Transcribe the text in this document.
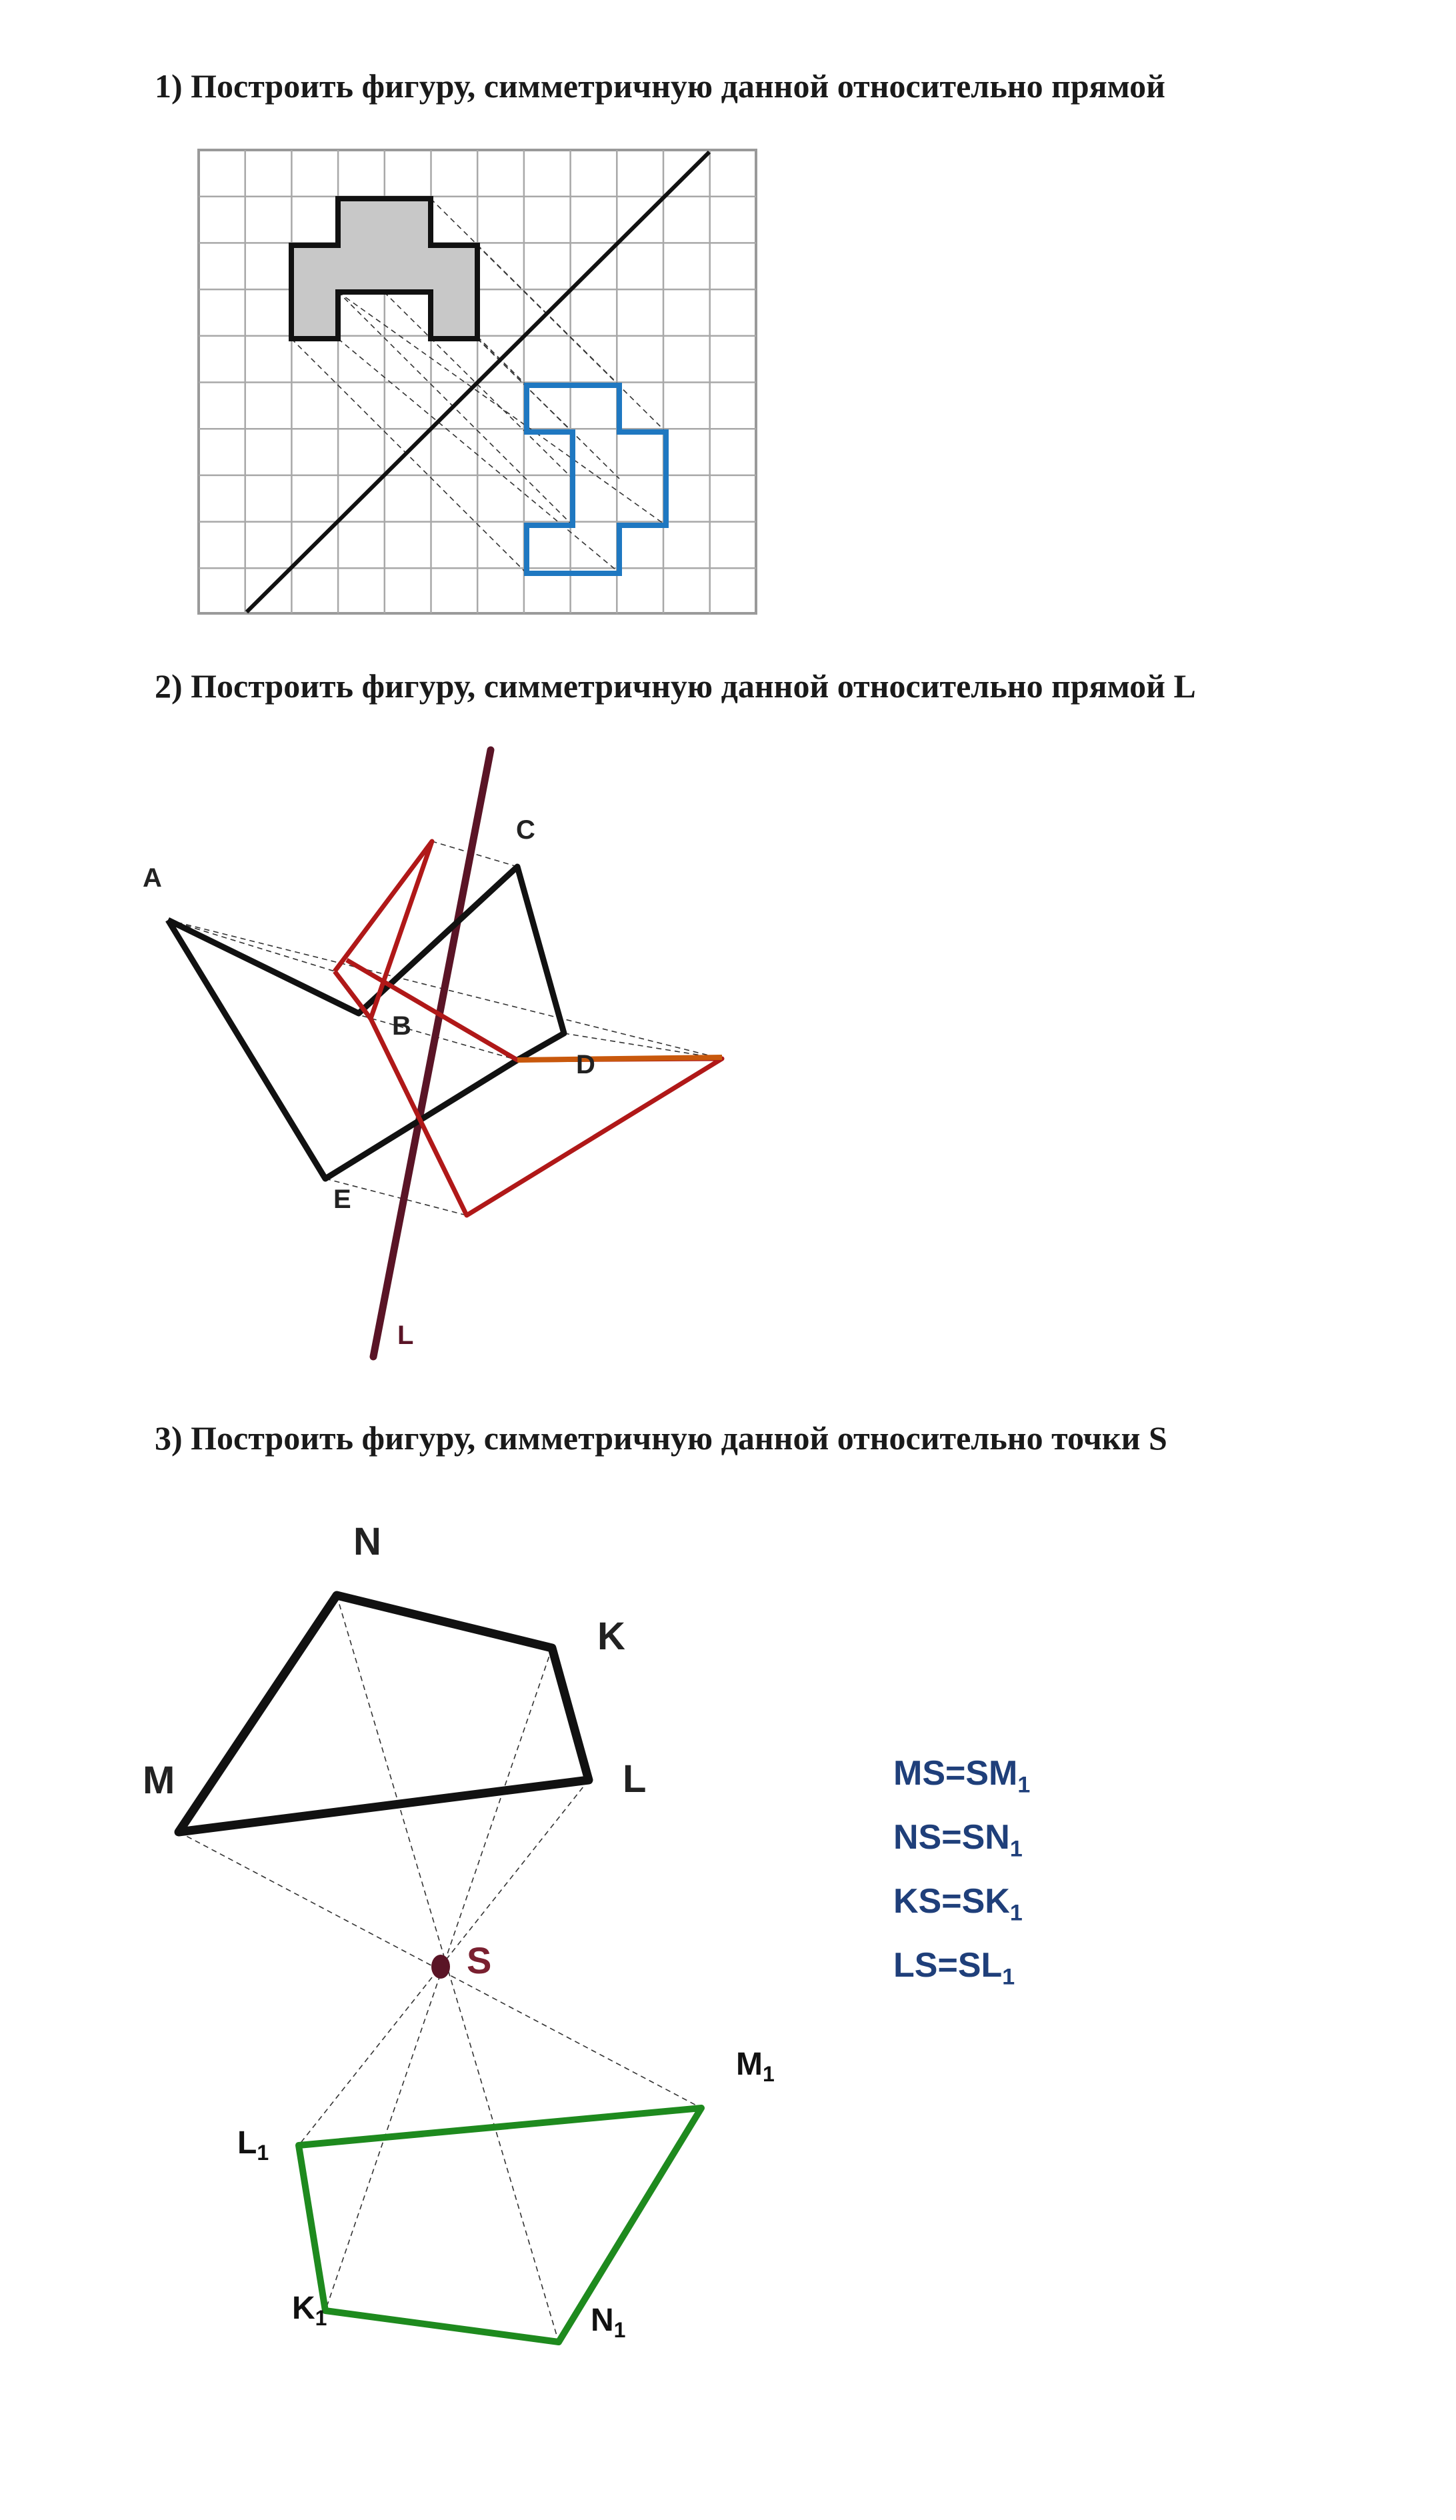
1) Построить фигуру, симметричную данной относительно прямой
2) Построить фигуру, симметричную данной относительно прямой L
3) Построить фигуру, симметричную данной относительно точки S
A
B
C
D
E
L
N
K
M	L
S
$M_1$
$L_1$
$K_1$	$N_1$
$MS=SM_1$
$NS=SN_1$
$KS=SK_1$
$LS=SL_1$
